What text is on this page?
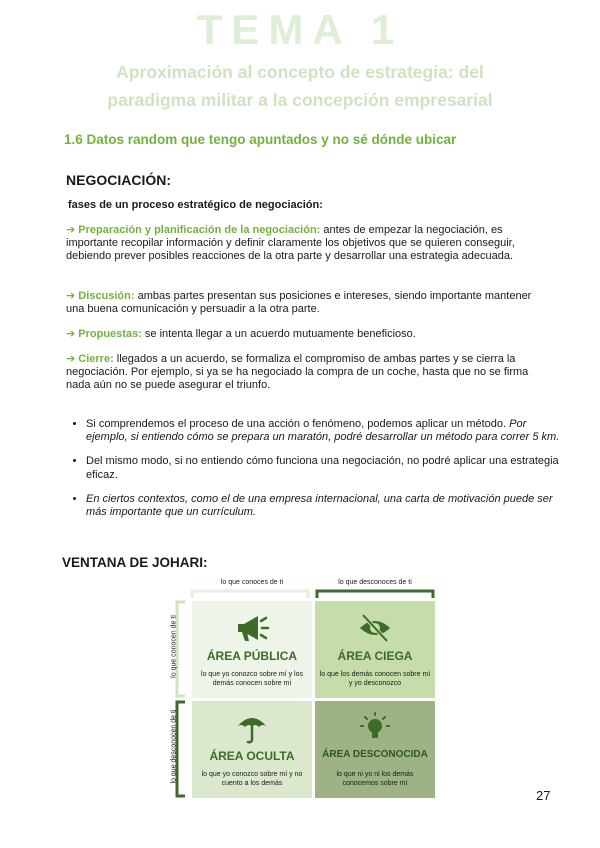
TEMA 1
Aproximación al concepto de estrategia: del
paradigma militar a la concepción empresarial
1.6 Datos random que tengo apuntados y no sé dónde ubicar
NEGOCIACIÓN:
fases de un proceso estratégico de negociación:
➔ Preparación y planificación de la negociación: antes de empezar la negociación, es importante recopilar información y definir claramente los objetivos que se quieren conseguir, debiendo prever posibles reacciones de la otra parte y desarrollar una estrategia adecuada.
➔ Discusión: ambas partes presentan sus posiciones e intereses, siendo importante mantener una buena comunicación y persuadir a la otra parte.
➔ Propuestas: se intenta llegar a un acuerdo mutuamente beneficioso.
➔ Cierre: llegados a un acuerdo, se formaliza el compromiso de ambas partes y se cierra la negociación. Por ejemplo, si ya se ha negociado la compra de un coche, hasta que no se firma nada aún no se puede asegurar el triunfo.
• Si comprendemos el proceso de una acción o fenómeno, podemos aplicar un método. Por ejemplo, si entiendo cómo se prepara un maratón, podré desarrollar un método para correr 5 km.
• Del mismo modo, si no entiendo cómo funciona una negociación, no podré aplicar una estrategia eficaz.
• En ciertos contextos, como el de una empresa internacional, una carta de motivación puede ser más importante que un currículum.
VENTANA DE JOHARI:
lo que conoces de ti	lo que desconoces de ti
lo que conocen de ti
lo que desconocen de ti
ÁREA PÚBLICA
lo que yo conozco sobre mí y los demás conocen sobre mí
ÁREA CIEGA
lo que los demás conocen sobre mí y yo desconozco
ÁREA OCULTA
lo que yo conozco sobre mí y no cuento a los demás
ÁREA DESCONOCIDA
lo que ni yo ni los demás conocemos sobre mí
27
